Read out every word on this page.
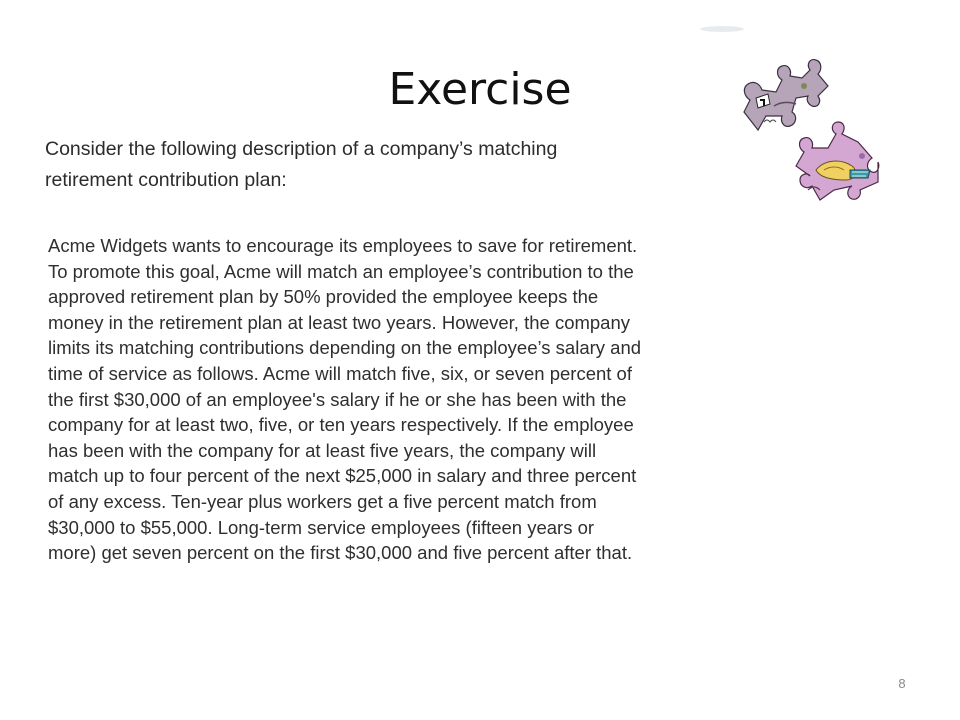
Exercise

Consider the following description of a company’s matching
retirement contribution plan:

Acme Widgets wants to encourage its employees to save for retirement.
To promote this goal, Acme will match an employee’s contribution to the
approved retirement plan by 50% provided the employee keeps the
money in the retirement plan at least two years. However, the company
limits its matching contributions depending on the employee’s salary and
time of service as follows. Acme will match five, six, or seven percent of
the first $30,000 of an employee's salary if he or she has been with the
company for at least two, five, or ten years respectively. If the employee
has been with the company for at least five years, the company will
match up to four percent of the next $25,000 in salary and three percent
of any excess. Ten-year plus workers get a five percent match from
$30,000 to $55,000. Long-term service employees (fifteen years or
more) get seven percent on the first $30,000 and five percent after that.
8
